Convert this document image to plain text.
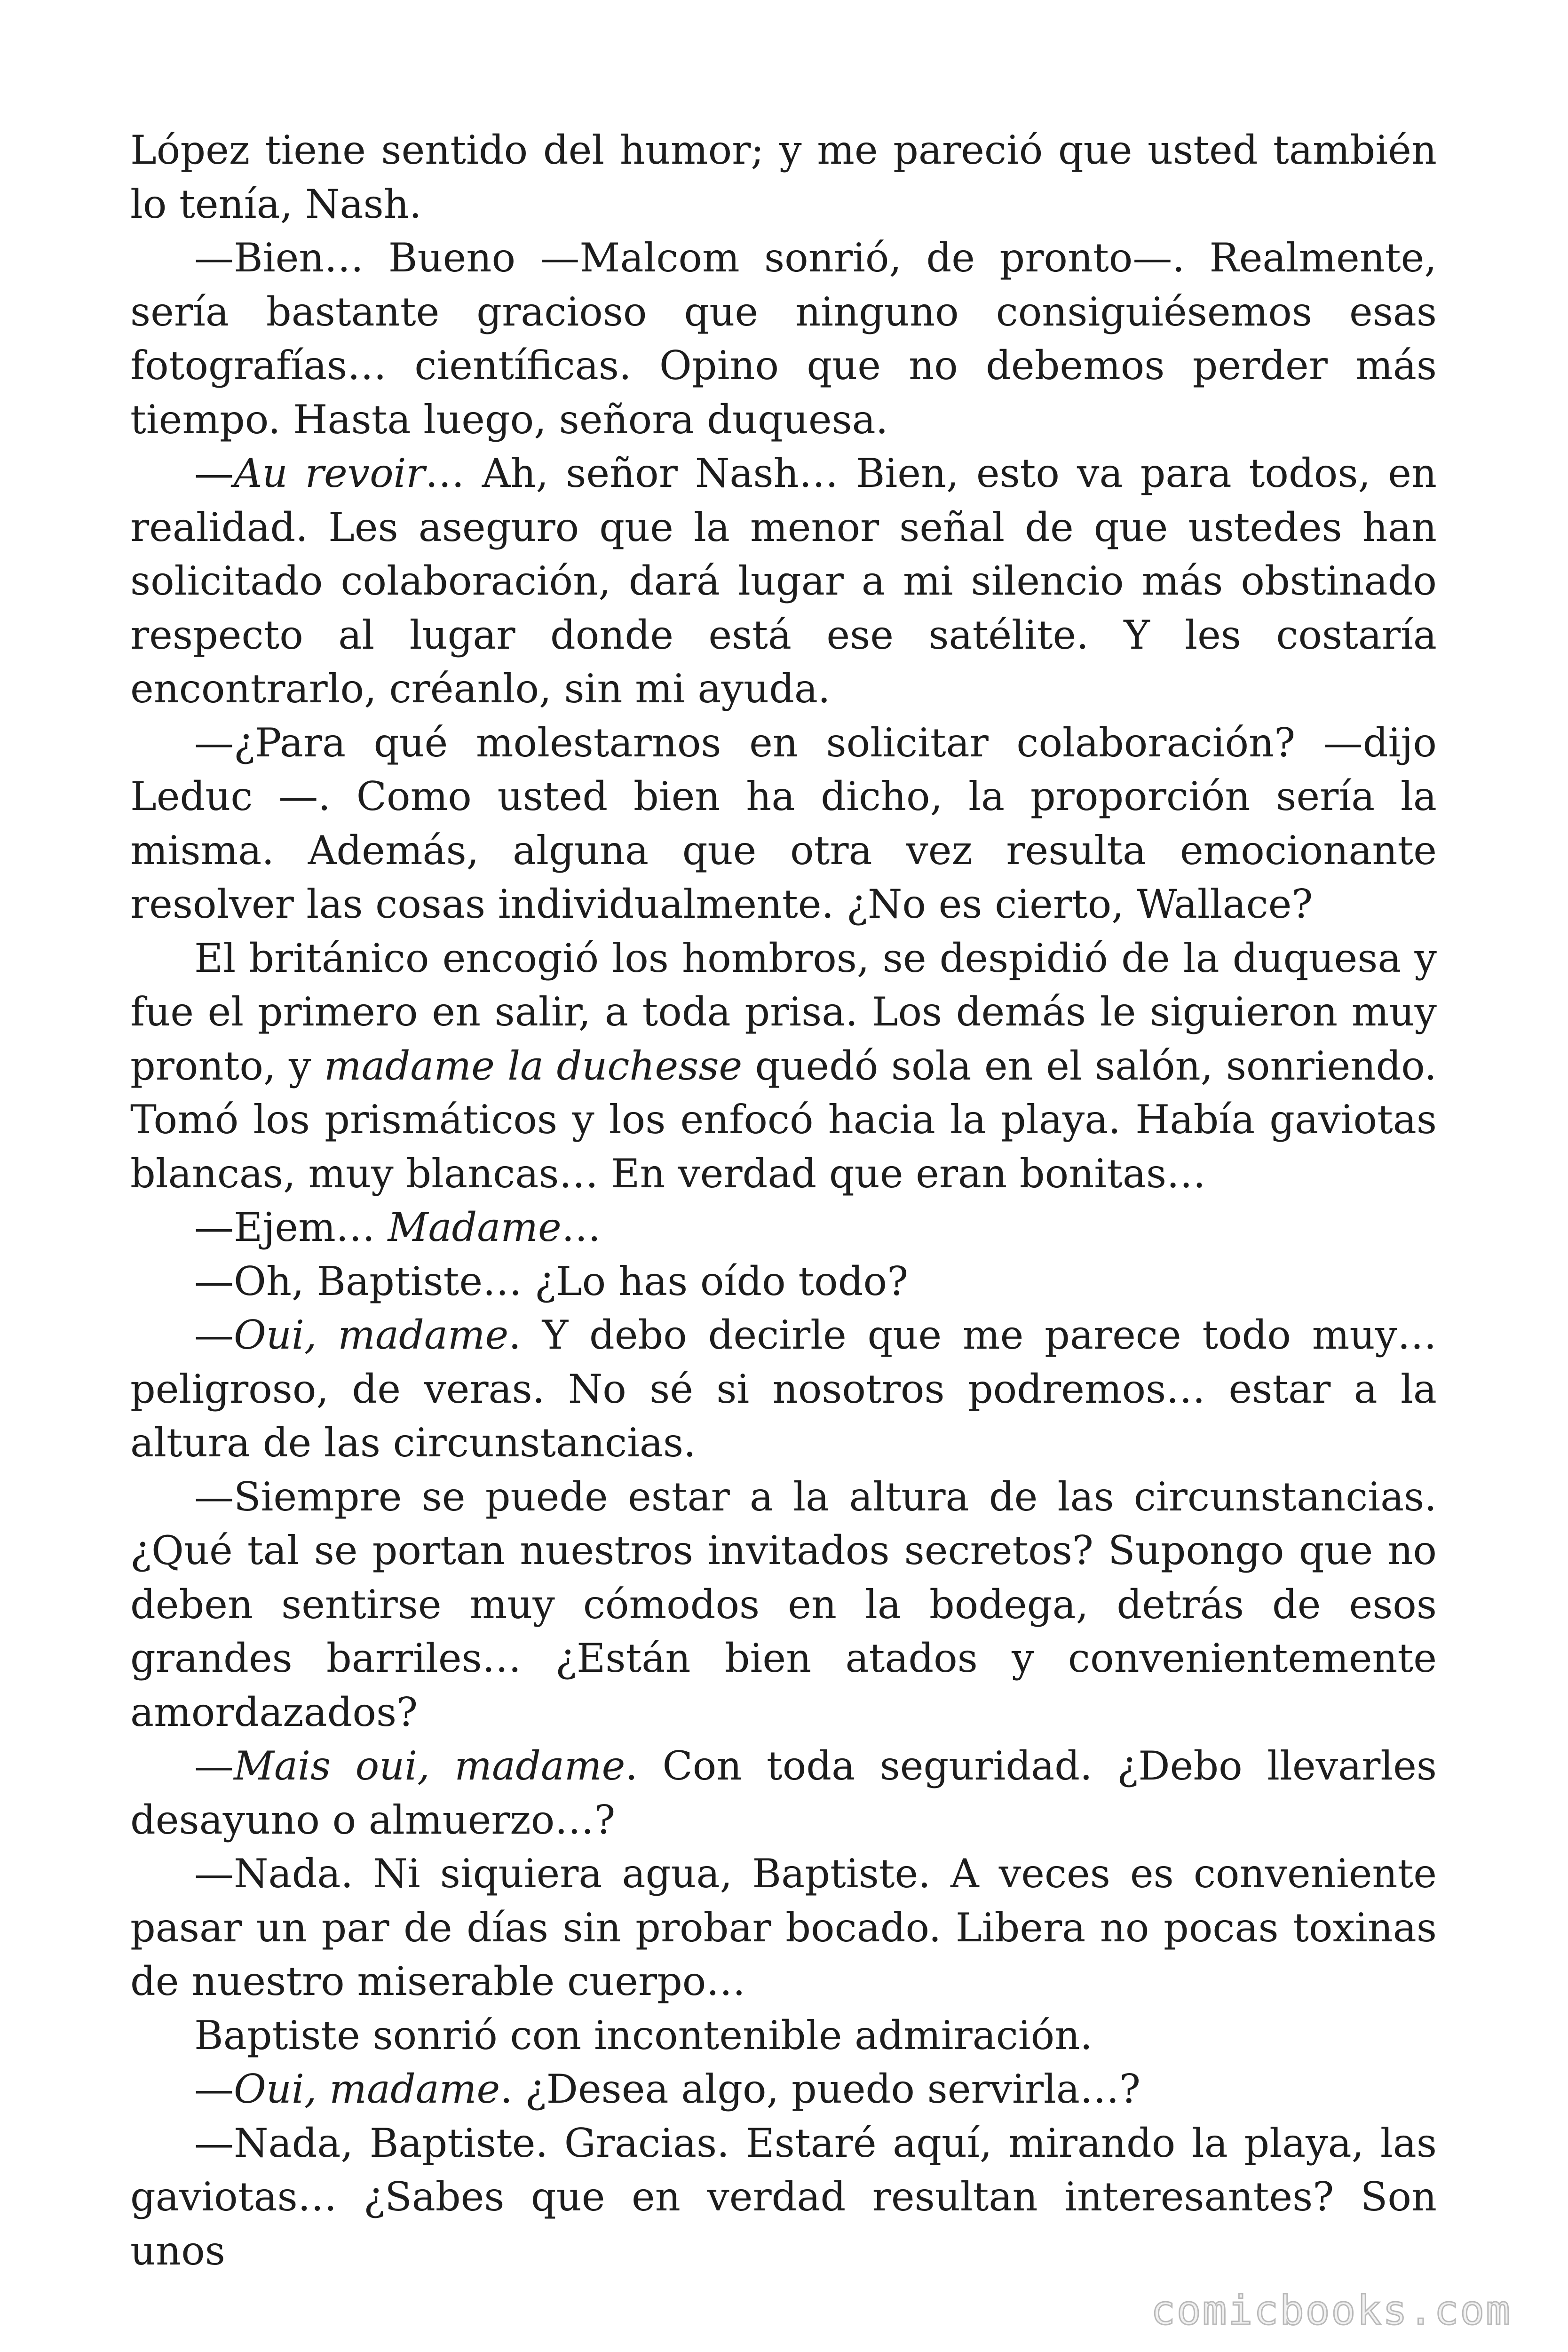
López tiene sentido del humor; y me pareció que usted también lo tenía, Nash.

—Bien… Bueno —Malcom sonrió, de pronto—. Realmente, sería bastante gracioso que ninguno consiguiésemos esas fotografías… científicas. Opino que no debemos perder más tiempo. Hasta luego, señora duquesa.

—Au revoir… Ah, señor Nash… Bien, esto va para todos, en realidad. Les aseguro que la menor señal de que ustedes han solicitado colaboración, dará lugar a mi silencio más obstinado respecto al lugar donde está ese satélite. Y les costaría encontrarlo, créanlo, sin mi ayuda.

—¿Para qué molestarnos en solicitar colaboración? —dijo Leduc —. Como usted bien ha dicho, la proporción sería la misma. Además, alguna que otra vez resulta emocionante resolver las cosas individualmente. ¿No es cierto, Wallace?

El británico encogió los hombros, se despidió de la duquesa y fue el primero en salir, a toda prisa. Los demás le siguieron muy pronto, y madame la duchesse quedó sola en el salón, sonriendo. Tomó los prismáticos y los enfocó hacia la playa. Había gaviotas blancas, muy blancas… En verdad que eran bonitas…

—Ejem… Madame…

—Oh, Baptiste… ¿Lo has oído todo?

—Oui, madame. Y debo decirle que me parece todo muy… peligroso, de veras. No sé si nosotros podremos… estar a la altura de las circunstancias.

—Siempre se puede estar a la altura de las circunstancias. ¿Qué tal se portan nuestros invitados secretos? Supongo que no deben sentirse muy cómodos en la bodega, detrás de esos grandes barriles… ¿Están bien atados y convenientemente amordazados?

—Mais oui, madame. Con toda seguridad. ¿Debo llevarles desayuno o almuerzo…?

—Nada. Ni siquiera agua, Baptiste. A veces es conveniente pasar un par de días sin probar bocado. Libera no pocas toxinas de nuestro miserable cuerpo…

Baptiste sonrió con incontenible admiración.

—Oui, madame. ¿Desea algo, puedo servirla…?

—Nada, Baptiste. Gracias. Estaré aquí, mirando la playa, las gaviotas… ¿Sabes que en verdad resultan interesantes? Son unos

comicbooks.com
